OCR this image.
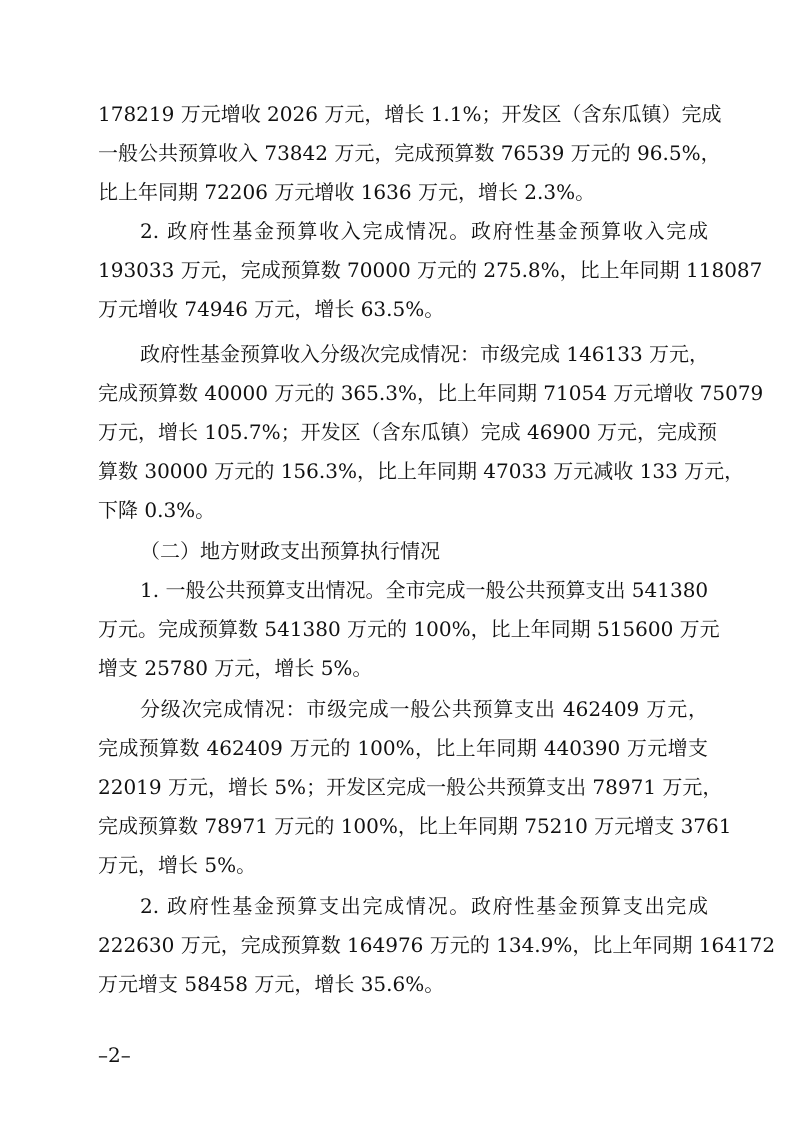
178219 万元增收 2026 万元，增长 1.1%；开发区（含东瓜镇）完成
一般公共预算收入 73842 万元，完成预算数 76539 万元的 96.5%，
比上年同期 72206 万元增收 1636 万元，增长 2.3%。
2. 政府性基金预算收入完成情况。政府性基金预算收入完成
193033 万元，完成预算数 70000 万元的 275.8%，比上年同期 118087
万元增收 74946 万元，增长 63.5%。
政府性基金预算收入分级次完成情况：市级完成 146133 万元，
完成预算数 40000 万元的 365.3%，比上年同期 71054 万元增收 75079
万元，增长 105.7%；开发区（含东瓜镇）完成 46900 万元，完成预
算数 30000 万元的 156.3%，比上年同期 47033 万元减收 133 万元，
下降 0.3%。
（二）地方财政支出预算执行情况
1. 一般公共预算支出情况。全市完成一般公共预算支出 541380
万元。完成预算数 541380 万元的 100%，比上年同期 515600 万元
增支 25780 万元，增长 5%。
分级次完成情况：市级完成一般公共预算支出 462409 万元，
完成预算数 462409 万元的 100%，比上年同期 440390 万元增支
22019 万元，增长 5%；开发区完成一般公共预算支出 78971 万元，
完成预算数 78971 万元的 100%，比上年同期 75210 万元增支 3761
万元，增长 5%。
2. 政府性基金预算支出完成情况。政府性基金预算支出完成
222630 万元，完成预算数 164976 万元的 134.9%，比上年同期 164172
万元增支 58458 万元，增长 35.6%。
–2–
